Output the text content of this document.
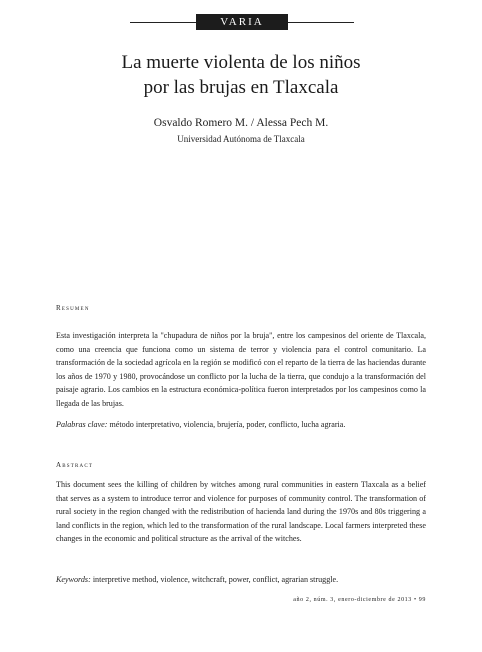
VARIA
La muerte violenta de los niños
por las brujas en Tlaxcala
Osvaldo Romero M. / Alessa Pech M.
Universidad Autónoma de Tlaxcala

Resumen

Esta investigación interpreta la "chupadura de niños por la bruja", entre los campesinos del oriente de Tlaxcala, como una creencia que funciona como un sistema de terror y violencia para el control comunitario. La transformación de la sociedad agrícola en la región se modificó con el reparto de la tierra de las haciendas durante los años de 1970 y 1980, provocándose un conflicto por la lucha de la tierra, que condujo a la transformación del paisaje agrario. Los cambios en la estructura económica-política fueron interpretados por los campesinos como la llegada de las brujas.

Palabras clave: método interpretativo, violencia, brujería, poder, conflicto, lucha agraria.

Abstract

This document sees the killing of children by witches among rural communities in eastern Tlaxcala as a belief that serves as a system to introduce terror and violence for purposes of community control. The transformation of rural society in the region changed with the redistribution of hacienda land during the 1970s and 80s triggering a land conflicts in the region, which led to the transformation of the rural landscape. Local farmers interpreted these changes in the economic and political structure as the arrival of the witches.

Keywords: interpretive method, violence, witchcraft, power, conflict, agrarian struggle.

año 2, núm. 3, enero-diciembre de 2013 • 99
